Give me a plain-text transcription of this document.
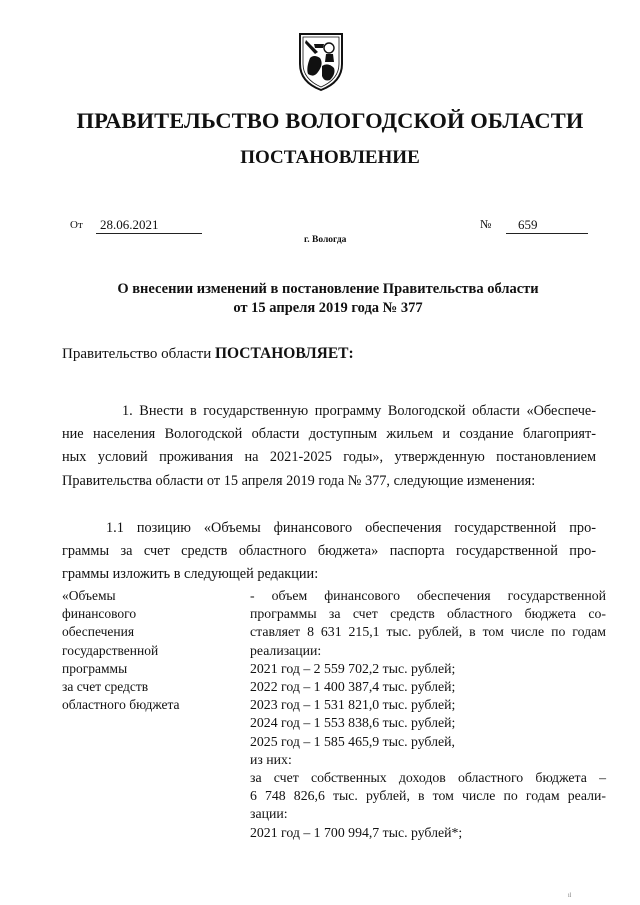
ПРАВИТЕЛЬСТВО ВОЛОГОДСКОЙ ОБЛАСТИ
ПОСТАНОВЛЕНИЕ
От	28.06.2021	№	659
г. Вологда
О внесении изменений в постановление Правительства области
от 15 апреля 2019 года № 377
Правительство области ПОСТАНОВЛЯЕТ:
1. Внести в государственную программу Вологодской области «Обеспече-
ние населения Вологодской области доступным жильем и создание благоприят-
ных условий проживания на 2021-2025 годы», утвержденную постановлением
Правительства области от 15 апреля 2019 года № 377, следующие изменения:
1.1 позицию «Объемы финансового обеспечения государственной про-
граммы за счет средств областного бюджета» паспорта государственной про-
граммы изложить в следующей редакции:
«Объемы
финансового
обеспечения
государственной
программы
за счет средств
областного бюджета
- объем финансового обеспечения государственной
программы за счет средств областного бюджета со-
ставляет 8 631 215,1 тыс. рублей, в том числе по годам
реализации:
2021 год – 2 559 702,2 тыс. рублей;
2022 год – 1 400 387,4 тыс. рублей;
2023 год – 1 531 821,0 тыс. рублей;
2024 год – 1 553 838,6 тыс. рублей;
2025 год – 1 585 465,9 тыс. рублей,
из них:
за счет собственных доходов областного бюджета –
6 748 826,6 тыс. рублей, в том числе по годам реали-
зации:
2021 год – 1 700 994,7 тыс. рублей*;
il
